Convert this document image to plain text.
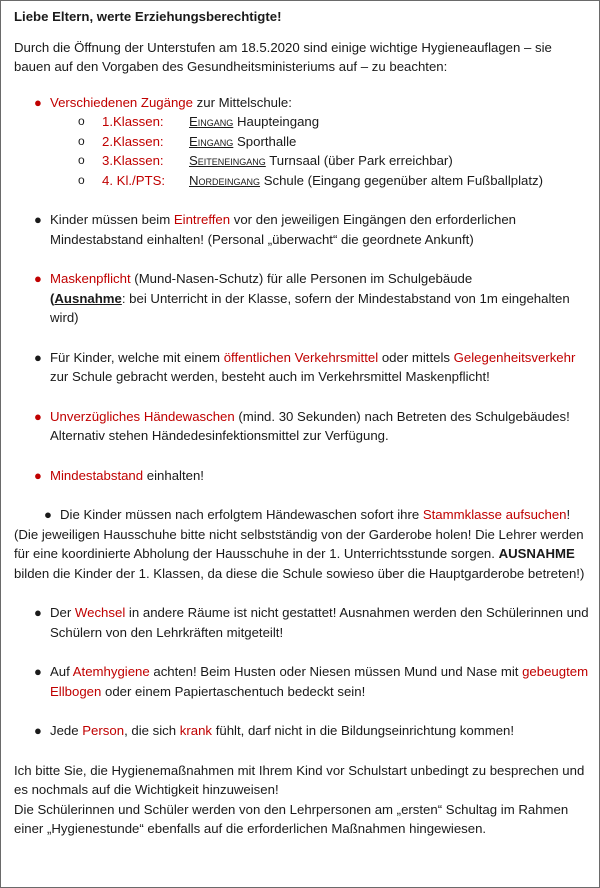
Liebe Eltern, werte Erziehungsberechtigte!
Durch die Öffnung der Unterstufen am 18.5.2020 sind einige wichtige Hygieneauflagen – sie bauen auf den Vorgaben des Gesundheitsministeriums auf – zu beachten:
● Verschiedenen Zugänge zur Mittelschule:
o 1.Klassen: Eingang Haupteingang
o 2.Klassen: Eingang Sporthalle
o 3.Klassen: Seiteneingang Turnsaal (über Park erreichbar)
o 4. Kl./PTS: Nordeingang Schule (Eingang gegenüber altem Fußballplatz)
● Kinder müssen beim Eintreffen vor den jeweiligen Eingängen den erforderlichen Mindestabstand einhalten! (Personal „überwacht“ die geordnete Ankunft)
● Maskenpflicht (Mund-Nasen-Schutz) für alle Personen im Schulgebäude
(Ausnahme: bei Unterricht in der Klasse, sofern der Mindestabstand von 1m eingehalten wird)
● Für Kinder, welche mit einem öffentlichen Verkehrsmittel oder mittels Gelegenheitsverkehr zur Schule gebracht werden, besteht auch im Verkehrsmittel Maskenpflicht!
● Unverzügliches Händewaschen (mind. 30 Sekunden) nach Betreten des Schulgebäudes! Alternativ stehen Händedesinfektionsmittel zur Verfügung.
● Mindestabstand einhalten!
● Die Kinder müssen nach erfolgtem Händewaschen sofort ihre Stammklasse aufsuchen!
(Die jeweiligen Hausschuhe bitte nicht selbstständig von der Garderobe holen! Die Lehrer werden für eine koordinierte Abholung der Hausschuhe in der 1. Unterrichtsstunde sorgen. AUSNAHME bilden die Kinder der 1. Klassen, da diese die Schule sowieso über die Hauptgarderobe betreten!)
● Der Wechsel in andere Räume ist nicht gestattet! Ausnahmen werden den Schülerinnen und Schülern von den Lehrkräften mitgeteilt!
● Auf Atemhygiene achten! Beim Husten oder Niesen müssen Mund und Nase mit gebeugtem Ellbogen oder einem Papiertaschentuch bedeckt sein!
● Jede Person, die sich krank fühlt, darf nicht in die Bildungseinrichtung kommen!
Ich bitte Sie, die Hygienemaßnahmen mit Ihrem Kind vor Schulstart unbedingt zu besprechen und es nochmals auf die Wichtigkeit hinzuweisen!
Die Schülerinnen und Schüler werden von den Lehrpersonen am „ersten“ Schultag im Rahmen einer „Hygienestunde“ ebenfalls auf die erforderlichen Maßnahmen hingewiesen.
